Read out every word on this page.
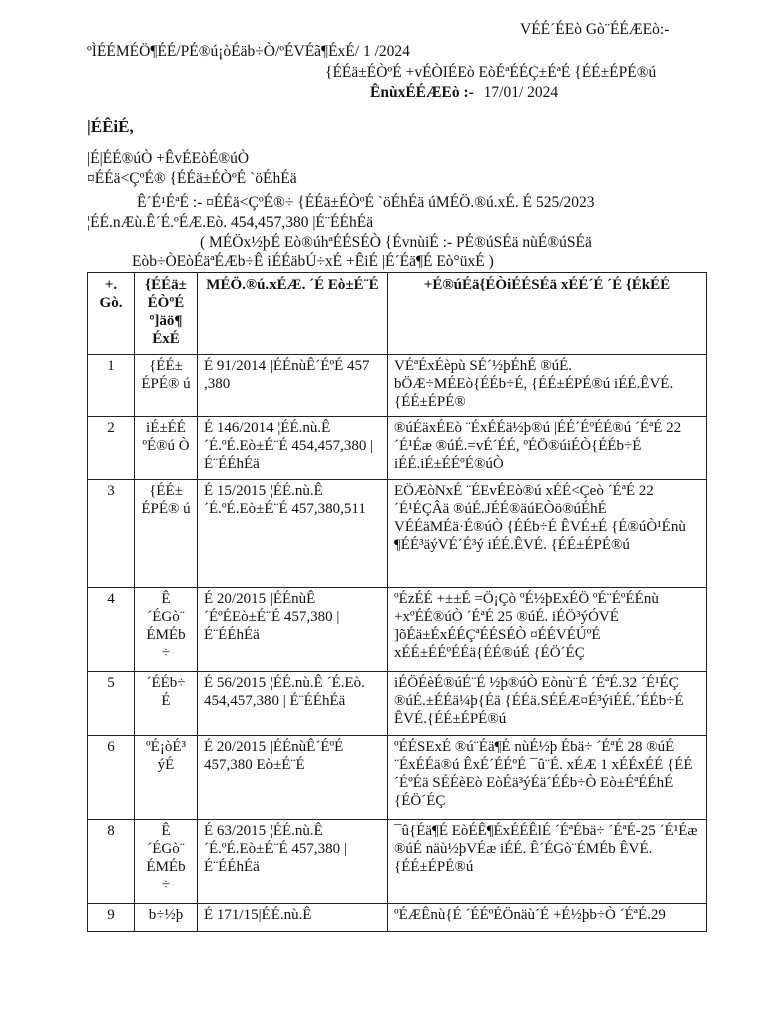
VÉÉ´ÉEò Gò¨ÉÉÆEò:-
ºÌÉÉMÉÖ¶ÉÉ/PÉ®ú¡òÉäb÷Ò/ºÉVÉã¶ÉxÉ/ 1 /2024
{ÉÉä±ÉÒºÉ +vÉÒIÉEò EòÉªÉÉÇ±ÉªÉ {ÉÉ±ÉPÉ®ú
ÊnùxÉÉÆEò :- 17/01/ 2024
|ÉÊiÉ,
|É|ÉÉ®úÒ +ÊvÉEòÉ®úÒ
¤ÉÉä<ÇºÉ® {ÉÉä±ÉÒºÉ `öÉhÉä
Ê´É¹ÉªÉ :- ¤ÉÉä<ÇºÉ®÷ {ÉÉä±ÉÒºÉ `öÉhÉä úMÉÖ.®ú.xÉ. É 525/2023
¦ÉÉ.nÆù.Ê´É.ºÉÆ.Eò. 454,457,380 |É¨ÉÉhÉä
( MÉÖx½þÉ Eò®úhªÉÉSÉÒ {ÉvnùiÉ :- PÉ®úSÉä nùÉ®úSÉä
Eòb÷ÒEòÉäªÉÆb÷Ê iÉÉäbÚ÷xÉ +ÊiÉ |É´Éä¶É Eò°üxÉ )
+. Gò.	{ÉÉä± ÉÒºÉ º]äö¶ ÉxÉ	MÉÖ.®ú.xÉÆ. ´É Eò±É¨É	+É®úÉä{ÉÒiÉÉSÉä xÉÉ´É ´É {ÉkÉÉ
1	{ÉÉ± ÉPÉ® ú	É 91/2014 |ÉÉnùÊ´ÉºÉ 457 ,380	VÉªÉxÉèpù SÉ´½þÉhÉ ®úÉ. bÖÆ÷MÉEò{ÉÉb÷É, {ÉÉ±ÉPÉ®ú iÉÉ.ÊVÉ. {ÉÉ±ÉPÉ®
2	iÉ±ÉÉ ºÉ®ú Ò	É 146/2014 ¦ÉÉ.nù.Ê ´É.ºÉ.Eò±É¨É 454,457,380 |É¨ÉÉhÉä	®úÉäxÉEò ¨ÉxÉÉä½þ®ú |ÉÉ´ÉºÉÉ®ú ´ÉªÉ 22 ´É¹Éæ ®úÉ.=vÉ´ÉÉ, ºÉÖ®úiÉÒ{ÉÉb÷É iÉÉ.iÉ±ÉÉºÉ®úÒ
3	{ÉÉ± ÉPÉ® ú	É 15/2015 ¦ÉÉ.nù.Ê´É.ºÉ.Eò±É¨É 457,380,511	EÖÆòNxÉ ¨ÉEvÉEò®ú xÉÉ<Çeò ´ÉªÉ 22 ´É¹ÉÇÂä ®úÉ.JÉÉ®äúEÒö®úÉhÉ VÉÉäMÉä·É®úÒ {ÉÉb÷É ÊVÉ±É {É®úÒ¹Énù ¶ÉÉ³äýVÉ´É³ý iÉÉ.ÊVÉ. {ÉÉ±ÉPÉ®ú
4	Ê ´ÉGò¨ ÉMÉb ÷	É 20/2015 |ÉÉnùÊ ´ÉºÉEò±É¨É 457,380 |É¨ÉÉhÉä	ºÉzÉÉ +±±É =Ö¡Çò ºÉ½þExÉÖ ºÉ¨ÉºÉÉnù +xºÉÉ®úÒ ´ÉªÉ 25 ®úÉ. iÉÖ³ýÓVÉ ]õÉä±ÉxÉÉÇªÉÉSÉÒ ¤ÉÉVÉÚºÉ xÉÉ±ÉÉºÉÉä{ÉÉ®úÉ {ÉÖ´ÉÇ
5	´ÉÉb÷ É	É 56/2015 ¦ÉÉ.nù.Ê ´É.Eò. 454,457,380 | É¨ÉÉhÉä	iÉÖÉèÉ®úÉ¨É ½þ®úÒ Eònù¨É ´ÉªÉ.32 ´É¹ÉÇ ®úÉ.±ÉÉä¼þ{Éä {ÉÉä.SÉÉÆ¤É³ýiÉÉ.´ÉÉb÷É ÊVÉ.{ÉÉ±ÉPÉ®ú
6	ºÉ¡òÉ³ ýÉ	É 20/2015 |ÉÉnùÊ´ÉºÉ 457,380 Eò±É¨É	ºÉÉSExÉ ®ú¨Éä¶É nùÉ½þ Ébä÷ ´ÉªÉ 28 ®úÉ ¨ÉxÉÉä®ú ÊxÉ´ÉÉºÉ ¯û¨É. xÉÆ 1 xÉÉxÉÉ {ÉÉ´ÉºÉä SÉÉèEò EòÉä³ýÉä´ÉÉb÷Ò Eò±ÉªÉÉhÉ {ÉÖ´ÉÇ
8	Ê ´ÉGò¨ ÉMÉb ÷	É 63/2015 ¦ÉÉ.nù.Ê´É.ºÉ.Eò±É¨É 457,380 |É¨ÉÉhÉä	¯û{Éä¶É EòÉÊ¶ÉxÉÉÊlÉ ´ÉªÉbä÷ ´ÉªÉ-25 ´É¹Éæ ®úÉ näù½þVÉæ iÉÉ. Ê´ÉGò¨ÉMÉb ÊVÉ.{ÉÉ±ÉPÉ®ú
9	b÷½þ	É 171/15|ÉÉ.nù.Ê	ºÉÆÊnù{É ´ÉÉºÉÖnäù´É +É½þb÷Ò ´ÉªÉ.29
